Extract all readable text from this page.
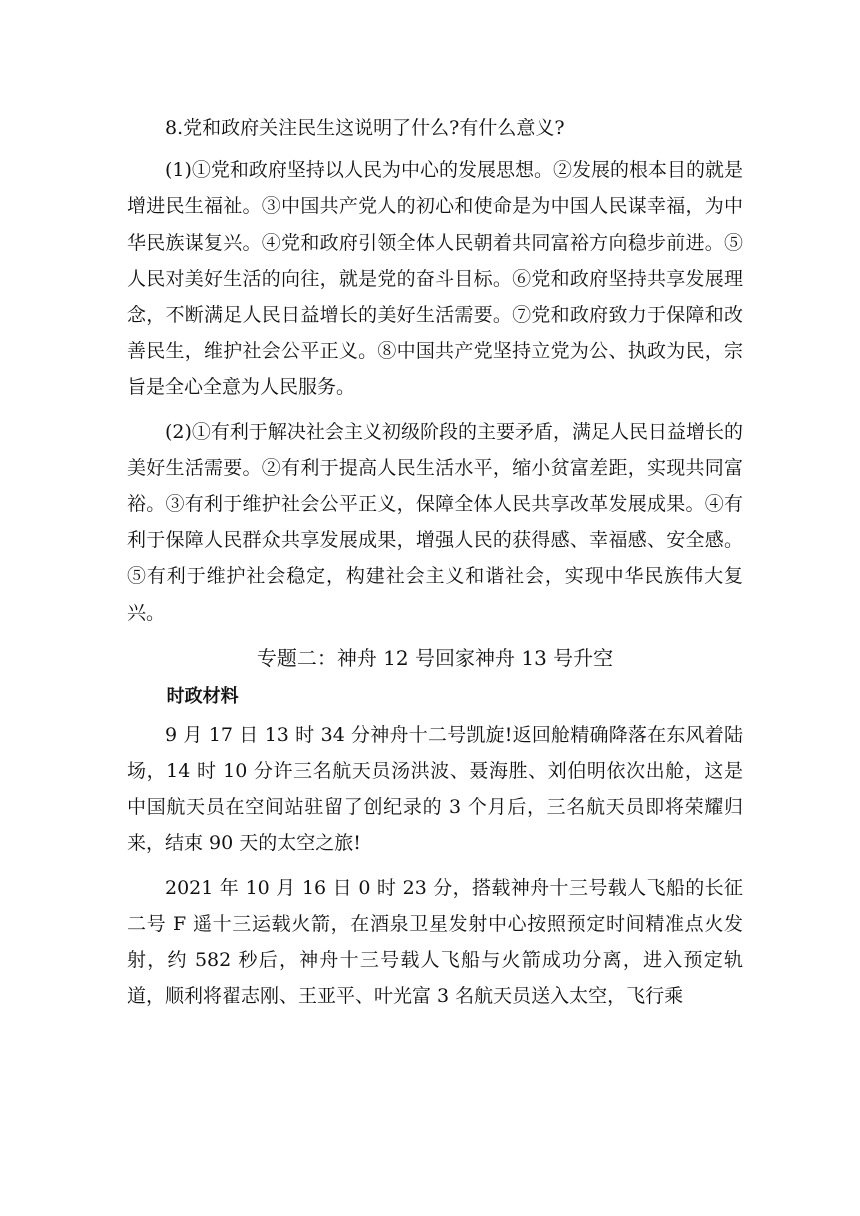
8.党和政府关注民生这说明了什么?有什么意义?

(1)①党和政府坚持以人民为中心的发展思想。②发展的根本目的就是增进民生福祉。③中国共产党人的初心和使命是为中国人民谋幸福，为中华民族谋复兴。④党和政府引领全体人民朝着共同富裕方向稳步前进。⑤人民对美好生活的向往，就是党的奋斗目标。⑥党和政府坚持共享发展理念，不断满足人民日益增长的美好生活需要。⑦党和政府致力于保障和改善民生，维护社会公平正义。⑧中国共产党坚持立党为公、执政为民，宗旨是全心全意为人民服务。

(2)①有利于解决社会主义初级阶段的主要矛盾，满足人民日益增长的美好生活需要。②有利于提高人民生活水平，缩小贫富差距，实现共同富裕。③有利于维护社会公平正义，保障全体人民共享改革发展成果。④有利于保障人民群众共享发展成果，增强人民的获得感、幸福感、安全感。⑤有利于维护社会稳定，构建社会主义和谐社会，实现中华民族伟大复兴。

专题二：神舟 12 号回家神舟 13 号升空

时政材料

9 月 17 日 13 时 34 分神舟十二号凯旋!返回舱精确降落在东风着陆场，14 时 10 分许三名航天员汤洪波、聂海胜、刘伯明依次出舱，这是中国航天员在空间站驻留了创纪录的 3 个月后，三名航天员即将荣耀归来，结束 90 天的太空之旅!

2021 年 10 月 16 日 0 时 23 分，搭载神舟十三号载人飞船的长征二号 F 遥十三运载火箭，在酒泉卫星发射中心按照预定时间精准点火发射，约 582 秒后，神舟十三号载人飞船与火箭成功分离，进入预定轨道，顺利将翟志刚、王亚平、叶光富 3 名航天员送入太空，飞行乘
